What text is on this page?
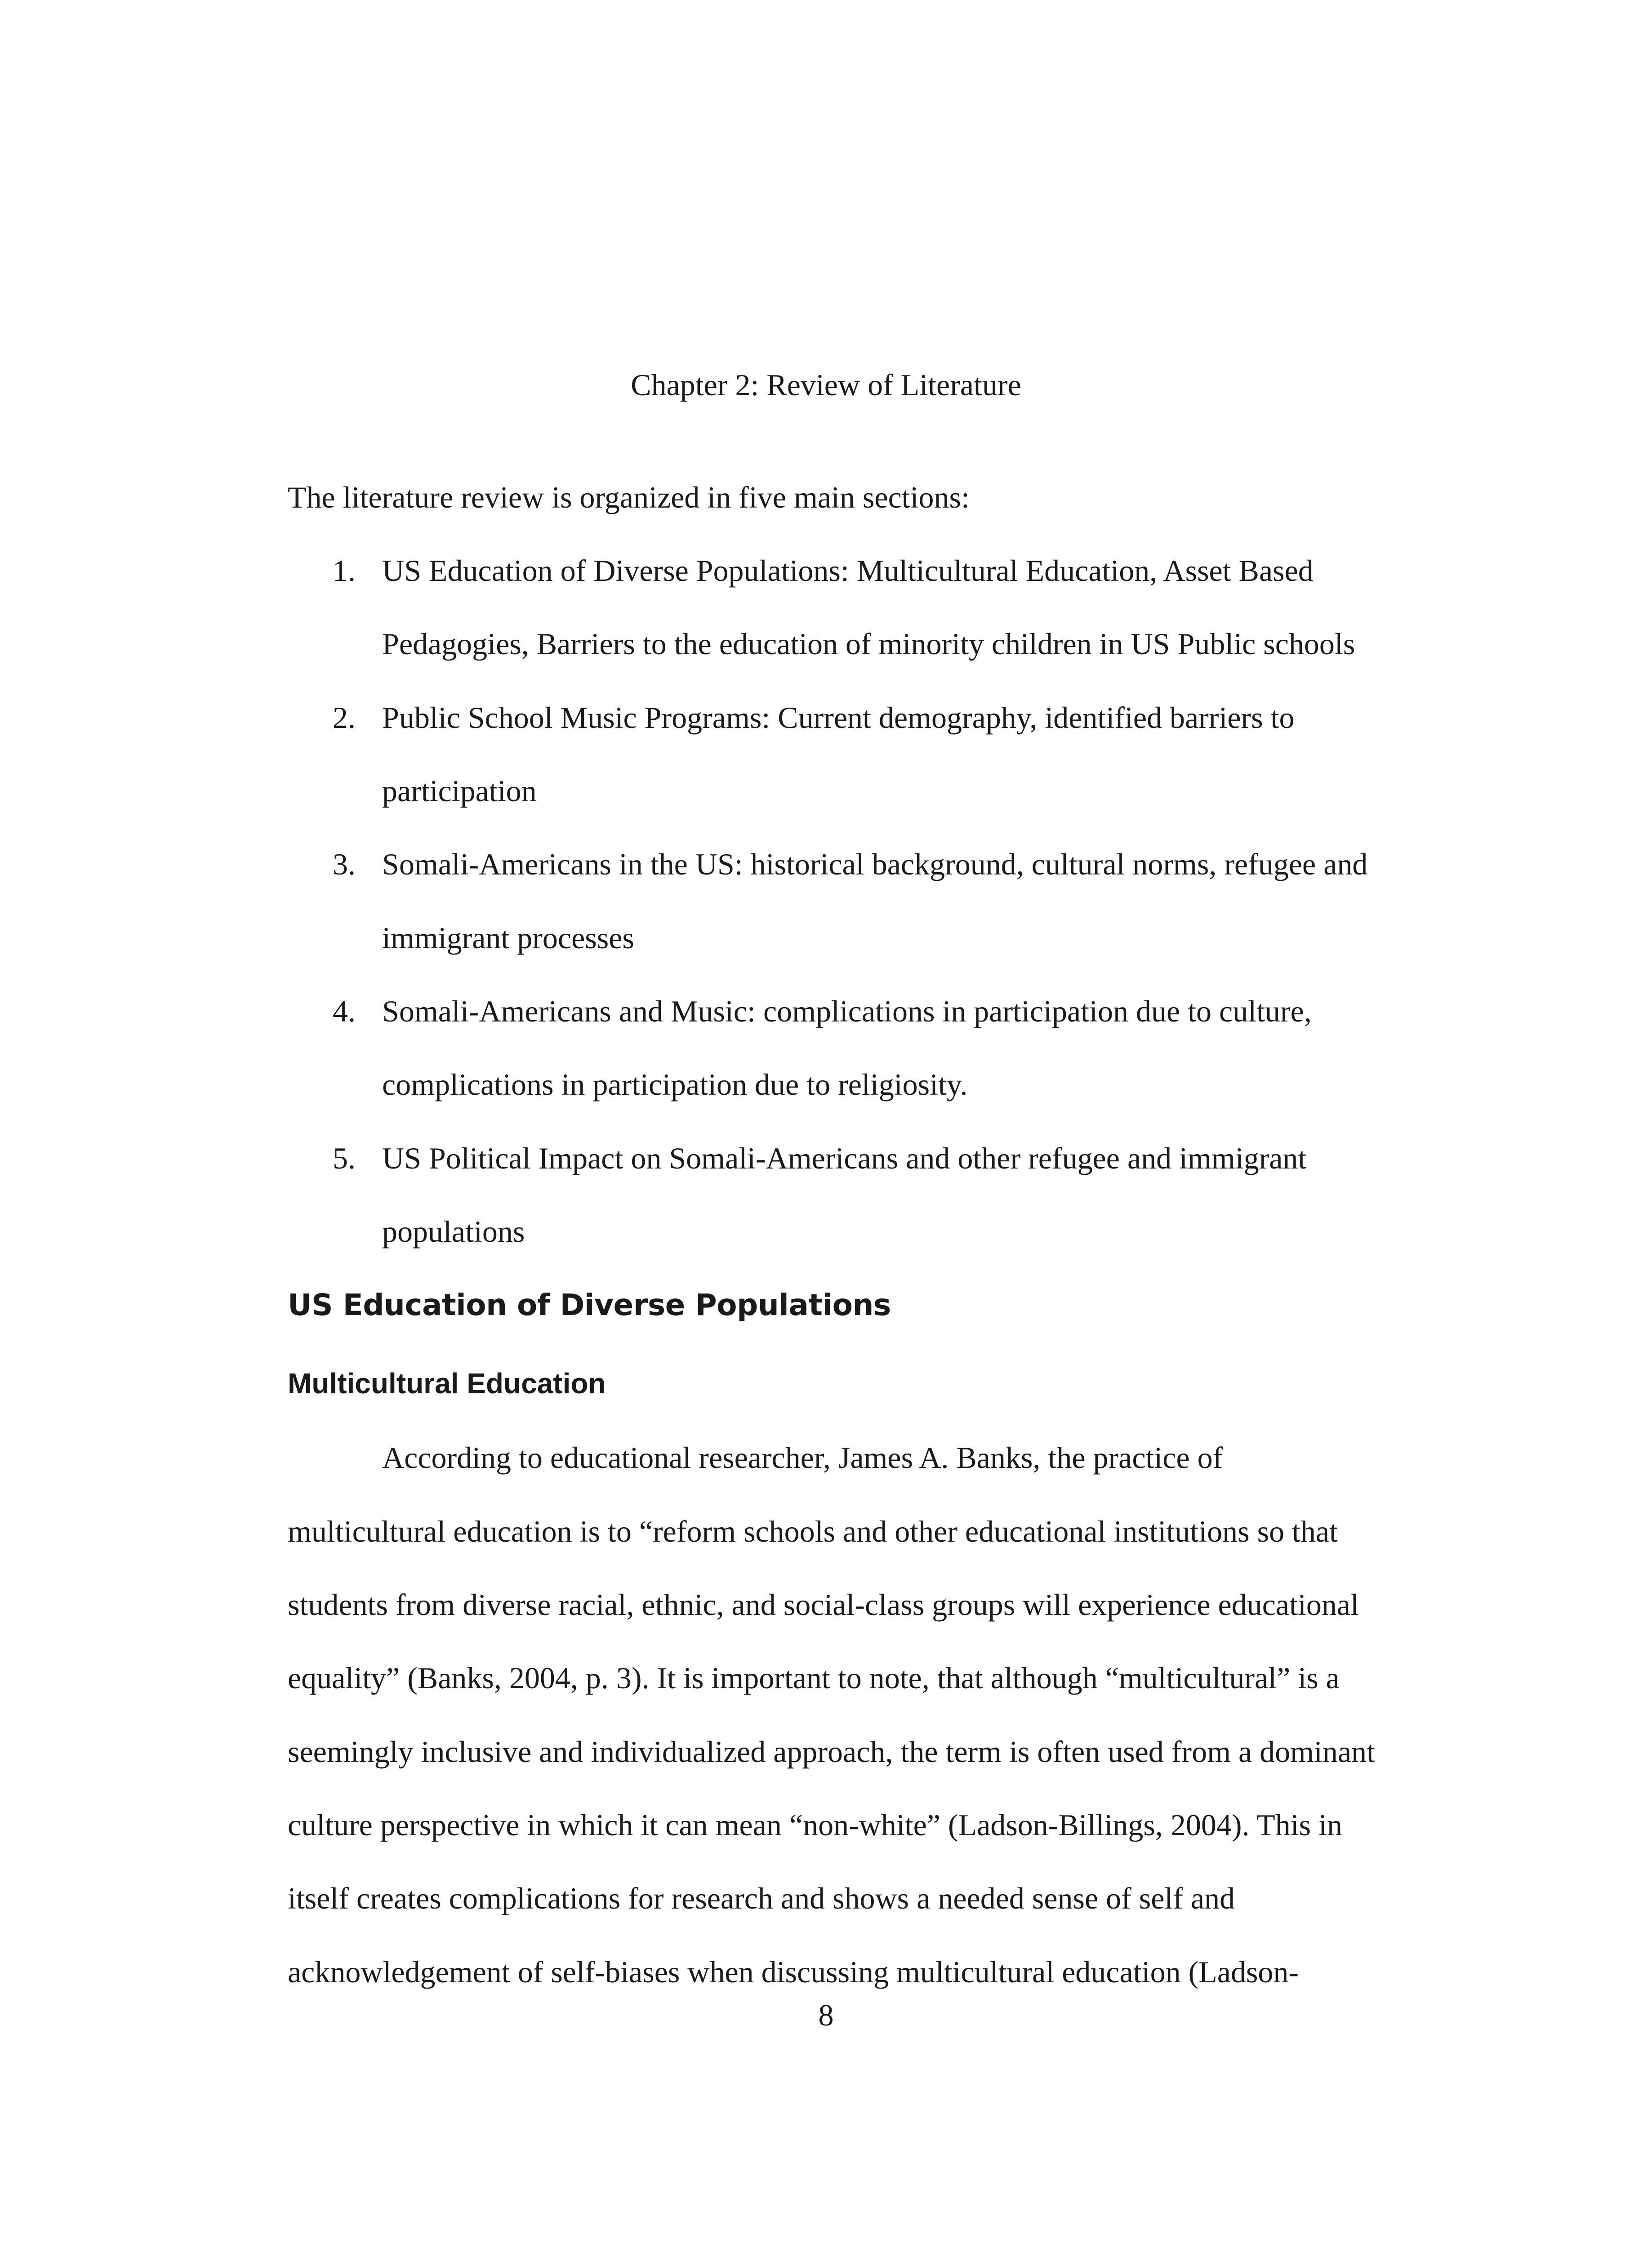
Chapter 2: Review of Literature

The literature review is organized in five main sections:

1. US Education of Diverse Populations: Multicultural Education, Asset Based
Pedagogies, Barriers to the education of minority children in US Public schools
2. Public School Music Programs: Current demography, identified barriers to
participation
3. Somali-Americans in the US: historical background, cultural norms, refugee and
immigrant processes
4. Somali-Americans and Music: complications in participation due to culture,
complications in participation due to religiosity.
5. US Political Impact on Somali-Americans and other refugee and immigrant
populations
US Education of Diverse Populations
Multicultural Education
According to educational researcher, James A. Banks, the practice of
multicultural education is to “reform schools and other educational institutions so that
students from diverse racial, ethnic, and social-class groups will experience educational
equality” (Banks, 2004, p. 3). It is important to note, that although “multicultural” is a
seemingly inclusive and individualized approach, the term is often used from a dominant
culture perspective in which it can mean “non-white” (Ladson-Billings, 2004). This in
itself creates complications for research and shows a needed sense of self and
acknowledgement of self-biases when discussing multicultural education (Ladson-

8
